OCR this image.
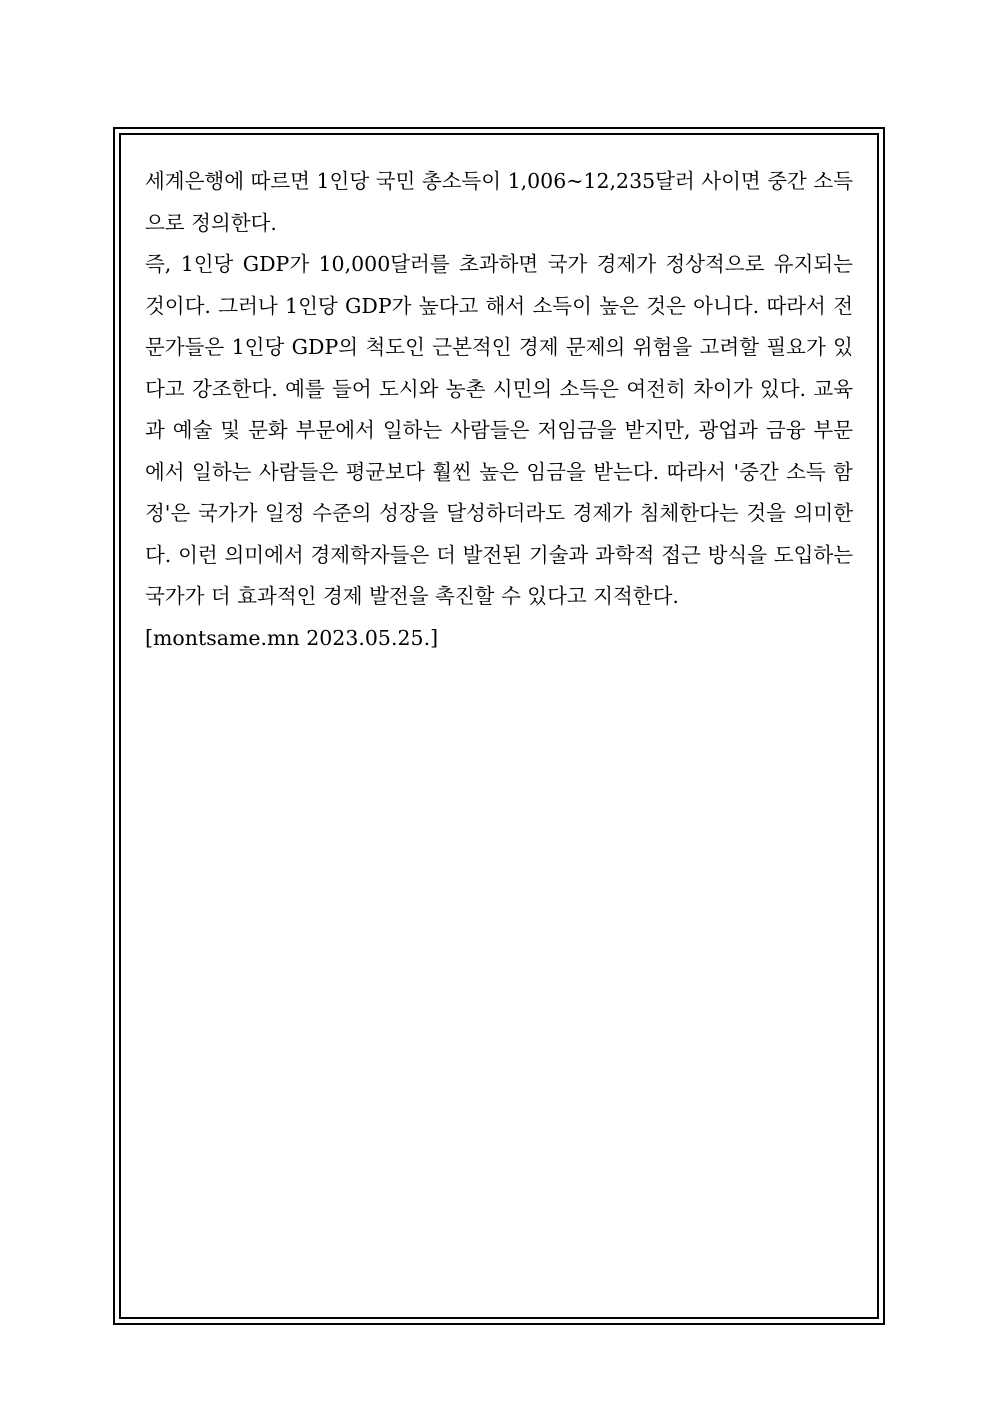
세계은행에 따르면 1인당 국민 총소득이 1,006~12,235달러 사이면 중간 소득으로 정의한다.

즉, 1인당 GDP가 10,000달러를 초과하면 국가 경제가 정상적으로 유지되는 것이다. 그러나 1인당 GDP가 높다고 해서 소득이 높은 것은 아니다. 따라서 전문가들은 1인당 GDP의 척도인 근본적인 경제 문제의 위험을 고려할 필요가 있다고 강조한다. 예를 들어 도시와 농촌 시민의 소득은 여전히 차이가 있다. 교육과 예술 및 문화 부문에서 일하는 사람들은 저임금을 받지만, 광업과 금융 부문에서 일하는 사람들은 평균보다 훨씬 높은 임금을 받는다. 따라서 '중간 소득 함정'은 국가가 일정 수준의 성장을 달성하더라도 경제가 침체한다는 것을 의미한다. 이런 의미에서 경제학자들은 더 발전된 기술과 과학적 접근 방식을 도입하는 국가가 더 효과적인 경제 발전을 촉진할 수 있다고 지적한다.

[montsame.mn 2023.05.25.]
